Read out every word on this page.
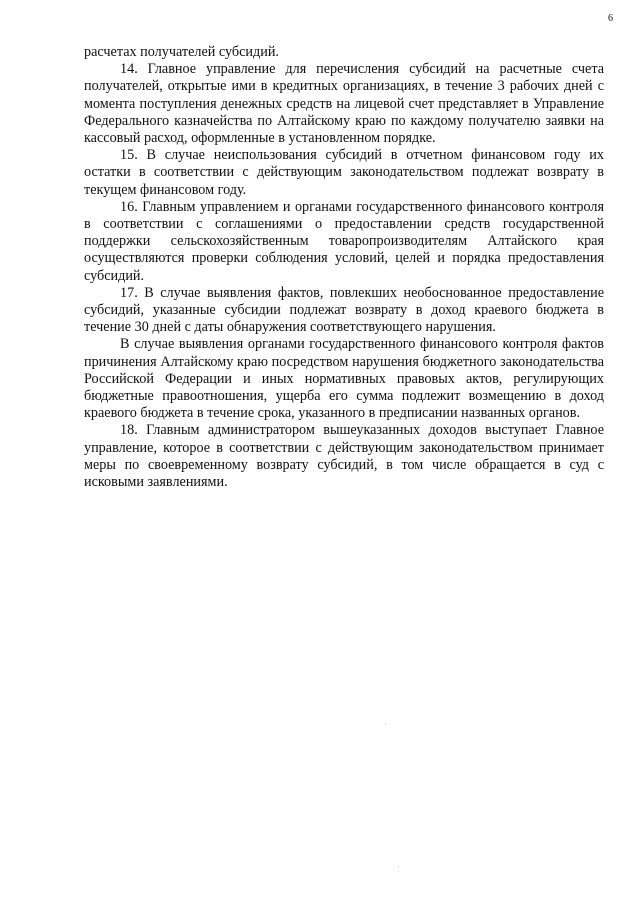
6

расчетах получателей субсидий.

14. Главное управление для перечисления субсидий на расчетные счета получателей, открытые ими в кредитных организациях, в течение 3 рабочих дней с момента поступления денежных средств на лицевой счет представляет в Управление Федерального казначейства по Алтайскому краю по каждому получателю заявки на кассовый расход, оформленные в установленном порядке.

15. В случае неиспользования субсидий в отчетном финансовом году их остатки в соответствии с действующим законодательством подлежат возврату в текущем финансовом году.

16. Главным управлением и органами государственного финансового контроля в соответствии с соглашениями о предоставлении средств государственной поддержки сельскохозяйственным товаропроизводителям Алтайского края осуществляются проверки соблюдения условий, целей и порядка предоставления субсидий.

17. В случае выявления фактов, повлекших необоснованное предоставление субсидий, указанные субсидии подлежат возврату в доход краевого бюджета в течение 30 дней с даты обнаружения соответствующего нарушения.

В случае выявления органами государственного финансового контроля фактов причинения Алтайскому краю посредством нарушения бюджетного законодательства Российской Федерации и иных нормативных правовых актов, регулирующих бюджетные правоотношения, ущерба его сумма подлежит возмещению в доход краевого бюджета в течение срока, указанного в предписании названных органов.

18. Главным администратором вышеуказанных доходов выступает Главное управление, которое в соответствии с действующим законодательством принимает меры по своевременному возврату субсидий, в том числе обращается в суд с исковыми заявлениями.
